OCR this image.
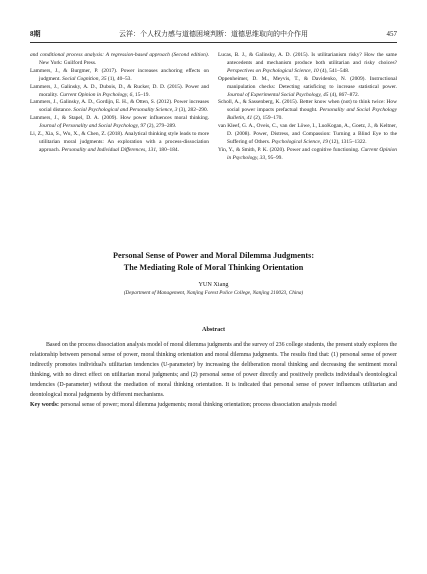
8期	云祥：个人权力感与道德困境判断：道德思维取向的中介作用	457

and conditional process analysis: A regression-based approach (Second edition). New York: Guilford Press.

Lammers, J., & Burgmer, P. (2017). Power increases anchoring effects on judgment. Social Cognition, 35 (1), 40–53.

Lammers, J., Galinsky, A. D., Dubois, D., & Rucker, D. D. (2015). Power and morality. Current Opinion in Psychology, 6, 15–19.

Lammers, J., Galinsky, A. D., Gordijn, E. H., & Otten, S. (2012). Power increases social distance. Social Psychological and Personality Science, 3 (3), 282–290.

Lammers, J., & Stapel, D. A. (2009). How power influences moral thinking. Journal of Personality and Social Psychology, 97 (2), 279–289.

Li, Z., Xia, S., Wu, X., & Chen, Z. (2018). Analytical thinking style leads to more utilitarian moral judgments: An exploration with a process-dissociation approach. Personality and Individual Differences, 131, 180–184.

Lucas, B. J., & Galinsky, A. D. (2015). Is utilitarianism risky? How the same antecedents and mechanism produce both utilitarian and risky choices? Perspectives on Psychological Science, 10 (4), 541–548.

Oppenheimer, D. M., Meyvis, T., & Davidenko, N. (2009). Instructional manipulation checks: Detecting satisficing to increase statistical power. Journal of Experimental Social Psychology, 45 (4), 867–872.

Scholl, A., & Sassenberg, K. (2015). Better know when (not) to think twice: How social power impacts prefactual thought. Personality and Social Psychology Bulletin, 41 (2), 159–170.

van Kleef, G. A., Oveis, C., van der Löwe, I., LuoKogan, A., Goetz, J., & Keltner, D. (2008). Power, Distress, and Compassion: Turning a Blind Eye to the Suffering of Others. Psychological Science, 19 (12), 1315–1322.

Yin, Y., & Smith, P. K. (2020). Power and cognitive functioning. Current Opinion in Psychology, 33, 95–99.

Personal Sense of Power and Moral Dilemma Judgments:

The Mediating Role of Moral Thinking Orientation

YUN Xiang
(Department of Management, Nanjing Forest Police College, Nanjing 210023, China)
Abstract

Based on the process dissociation analysis model of moral dilemma judgments and the survey of 236 college students, the present study explores the relationship between personal sense of power, moral thinking orientation and moral dilemma judgments. The results find that: (1) personal sense of power indirectly promotes individual's utilitarian tendencies (U-parameter) by increasing the deliberation moral thinking and decreasing the sentiment moral thinking, with no direct effect on utilitarian moral judgments; and (2) personal sense of power directly and positively predicts individual's deontological tendencies (D-parameter) without the mediation of moral thinking orientation. It is indicated that personal sense of power influences utilitarian and deontological moral judgments by different mechanisms.

Key words: personal sense of power; moral dilemma judgements; moral thinking orientation; process dissociation analysis model
